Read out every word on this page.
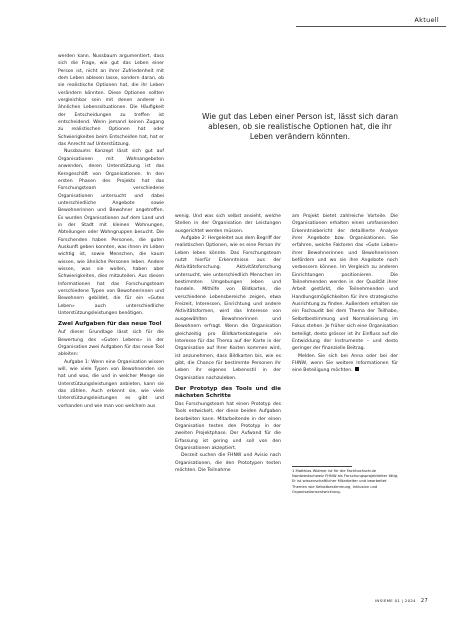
Aktuell

werden kann. Nussbaum argumentiert, dass sich die Frage, wie gut das Leben einer Person ist, nicht an ihrer Zufriedenheit mit dem Leben ablesen lasse, sondern daran, ob sie realistische Optionen hat, die ihr Leben verändern könnten. Diese Optionen sollten vergleichbar sein mit denen anderer in ähnlichen Lebenssituationen. Die Häufigkeit der Entscheidungen zu treffen ist entscheidend. Wenn jemand keinen Zugang zu realistischen Optionen hat oder Schwierigkeiten beim Entscheiden hat, hat er das Anrecht auf Unterstützung.

Nussbaums Konzept lässt sich gut auf Organisationen mit Wohnangeboten anwenden, deren Unterstützung ist das Kerngeschäft von Organisationen. In den ersten Phasen des Projekts hat das Forschungsteam verschiedene Organisationen untersucht und dabei unterschiedliche Angebote sowie Bewohnerinnen und Bewohner angetroffen. Es wurden Organisationen auf dem Land und in der Stadt mit kleinen Wohnungen, Abteilungen oder Wohngruppen besucht. Die Forschenden haben Personen, die guten Auskunft geben konnten, was ihnen im Leben wichtig ist, sowie Menschen, die kaum wissen, wie ähnliche Personen leben. Andere wissen, was sie wollen, haben aber Schwierigkeiten, dies mitzuteilen. Aus diesen Informationen hat das Forschungsteam verschiedene Typen von Bewohnerinnen und Bewohnern gebildet, die für ein «Gutes Leben» auch unterschiedliche Unterstützungsleistungen benötigen.

Zwei Aufgaben für das neue Tool

Auf dieser Grundlage lässt sich für die Bewertung des «Guten Lebens» in der Organisation zwei Aufgaben für das neue Tool ableiten:

Aufgabe 1: Wenn eine Organisation wissen will, wie viele Typen von Bewohnenden sie hat und was, die und in welcher Menge sie Unterstützungsleistungen anbieten, kann sie das zählen. Auch erkennt sie, wie viele Unterstützungsleistungen es gibt und vorhanden und wie man von welchem aus

Wie gut das Leben einer Person ist, lässt sich daran ablesen, ob sie realistische Optionen hat, die ihr Leben verändern könnten.

wenig. Und was sich selbst ansieht, welche Stellen in der Organisation der Leistungen ausgerichtet werden müssen.

Aufgabe 2: Hergeleitet aus dem Begriff der realistischen Optionen, wie es eine Person ihr Leben leben könnte. Das Forschungsteam nutzt hierfür Erkenntnisse aus der Aktivitätsforschung. Aktivitätsforschung untersucht, wie unterschiedlich Menschen im bestimmten Umgebungen leben und handeln. Mithilfe von Bildkarten, die verschiedene Lebensbereiche zeigen, etwa Freizeit, Interessen, Einrichtung und andere Aktivitätsformen, wird das Interesse von ausgewählten Bewohnerinnen und Bewohnern erfragt. Wenn die Organisation gleichzeitig pro Bildkartenkategorie ein Interesse für das Thema auf der Karte in der Organisation auf Ihrer Kosten kommen wird, ist anzunehmen, dass Bildkarten bis, wie es gibt, die Chance für bestimmte Personen ihr Leben ihr eigenes Lebensstil in der Organisation nachzuleben.

Der Prototyp des Tools und die nächsten Schritte

Das Forschungsteam hat einen Prototyp des Tools entwickelt, der diese beiden Aufgaben bearbeiten kann. Mitarbeitende in der einen Organisation testen den Prototyp in der zweiten Projektphase. Der Aufwand für die Erfassung ist gering und soll von den Organisationen akzeptiert.

Derzeit suchen die FHNW und Avisio nach Organisationen, die den Prototypen testen möchten. Die Teilnahme

am Projekt bietet zahlreiche Vorteile. Die Organisationen erhalten einen umfassenden Erkenntnisbericht der detaillierte Analyse ihrer Angebote bzw. Organisationen. Sie erfahren, welche Faktoren das «Gute Leben» ihrer Bewohnerinnen und Bewohnerinnen befördern und wo sie ihre Angebote noch verbessern können. Im Vergleich zu anderen Einrichtungen positionieren. Die Teilnehmenden werden in der Qualität ihrer Arbeit gestärkt, die Teilnehmenden und Handlungsmöglichkeiten für ihre strategische Ausrichtung zu finden. Außerdem erhalten sie ein Fachaudit bei dem Thema der Teilhabe, Selbstbestimmung und Normalisierung im Fokus stehen. Je früher sich eine Organisation beteiligt, desto grösser ist ihr Einfluss auf die Entwicklung der Instrumente – und desto geringer der finanzielle Beitrag.

Melden Sie sich bei Anna oder bei der FHNW, wenn Sie weitere Informationen für eine Beteiligung möchten.

1 Matthias Widmer ist für die Fachhochschule Nordwestschweiz FHNW als Forschungsprojektleiter tätig. Er ist wissenschaftlicher Mitarbeiter und bearbeitet Themen wie Selbstbestimmung, Inklusion und Organisationsentwicklung.
INSIEME 01 | 2024 27
